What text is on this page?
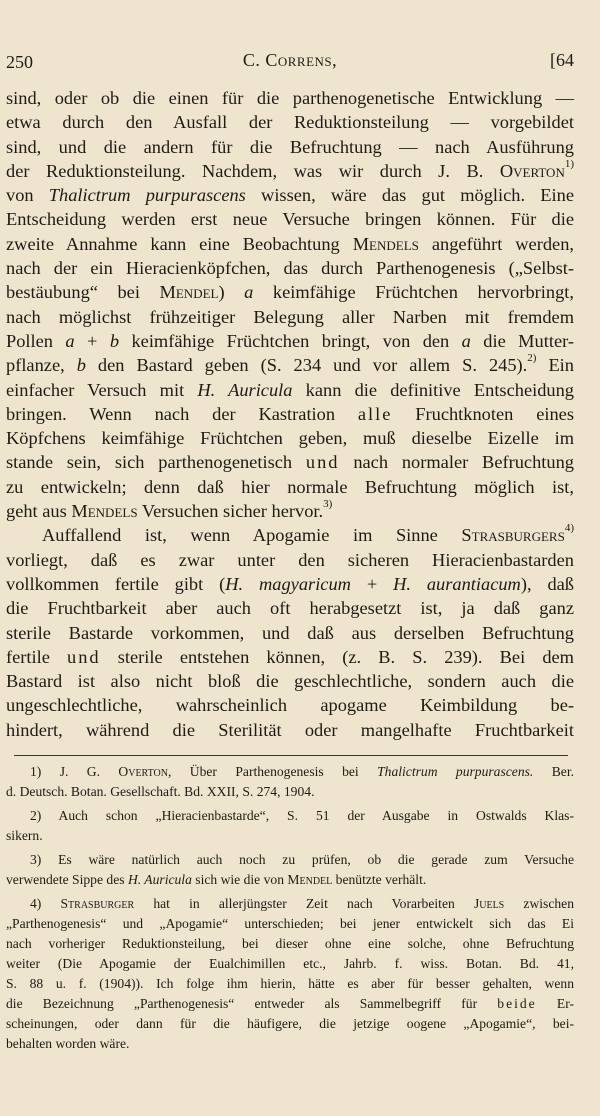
250	C. Correns,	[64
sind, oder ob die einen für die parthenogenetische Entwicklung —
etwa durch den Ausfall der Reduktionsteilung — vorgebildet
sind, und die andern für die Befruchtung — nach Ausführung
der Reduktionsteilung. Nachdem, was wir durch J. B. Overton$^{1)}$
von Thalictrum purpurascens wissen, wäre das gut möglich. Eine
Entscheidung werden erst neue Versuche bringen können. Für die
zweite Annahme kann eine Beobachtung Mendels angeführt werden,
nach der ein Hieracienköpfchen, das durch Parthenogenesis („Selbst-
bestäubung“ bei Mendel) a keimfähige Früchtchen hervorbringt,
nach möglichst frühzeitiger Belegung aller Narben mit fremdem
Pollen a + b keimfähige Früchtchen bringt, von den a die Mutter-
pflanze, b den Bastard geben (S. 234 und vor allem S. 245).$^{2)}$ Ein
einfacher Versuch mit H. Auricula kann die definitive Entscheidung
bringen. Wenn nach der Kastration alle Fruchtknoten eines
Köpfchens keimfähige Früchtchen geben, muß dieselbe Eizelle im
stande sein, sich parthenogenetisch und nach normaler Befruchtung
zu entwickeln; denn daß hier normale Befruchtung möglich ist,
geht aus Mendels Versuchen sicher hervor.$^{3)}$
Auffallend ist, wenn Apogamie im Sinne Strasburgers$^{4)}$
vorliegt, daß es zwar unter den sicheren Hieracienbastarden
vollkommen fertile gibt (H. magyaricum + H. aurantiacum), daß
die Fruchtbarkeit aber auch oft herabgesetzt ist, ja daß ganz
sterile Bastarde vorkommen, und daß aus derselben Befruchtung
fertile und sterile entstehen können, (z. B. S. 239). Bei dem
Bastard ist also nicht bloß die geschlechtliche, sondern auch die
ungeschlechtliche, wahrscheinlich apogame Keimbildung be-
hindert, während die Sterilität oder mangelhafte Fruchtbarkeit
1) J. G. Overton, Über Parthenogenesis bei Thalictrum purpurascens. Ber.
d. Deutsch. Botan. Gesellschaft. Bd. XXII, S. 274, 1904.
2) Auch schon „Hieracienbastarde“, S. 51 der Ausgabe in Ostwalds Klas-
sikern.
3) Es wäre natürlich auch noch zu prüfen, ob die gerade zum Versuche
verwendete Sippe des H. Auricula sich wie die von Mendel benützte verhält.
4) Strasburger hat in allerjüngster Zeit nach Vorarbeiten Juels zwischen
„Parthenogenesis“ und „Apogamie“ unterschieden; bei jener entwickelt sich das Ei
nach vorheriger Reduktionsteilung, bei dieser ohne eine solche, ohne Befruchtung
weiter (Die Apogamie der Eualchimillen etc., Jahrb. f. wiss. Botan. Bd. 41,
S. 88 u. f. (1904)). Ich folge ihm hierin, hätte es aber für besser gehalten, wenn
die Bezeichnung „Parthenogenesis“ entweder als Sammelbegriff für beide Er-
scheinungen, oder dann für die häufigere, die jetzige oogene „Apogamie“, bei-
behalten worden wäre.
